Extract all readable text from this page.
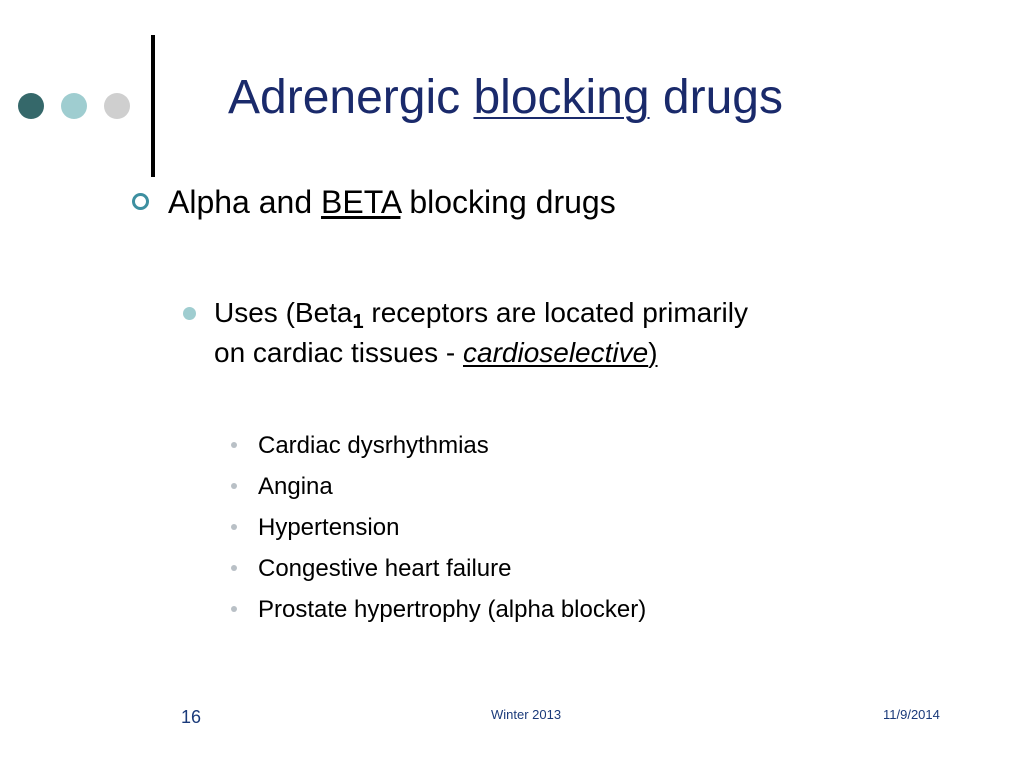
Adrenergic blocking drugs
Alpha and BETA blocking drugs
Uses (Beta$_1$ receptors are located primarily
on cardiac tissues - cardioselective)
Cardiac dysrhythmias
Angina
Hypertension
Congestive heart failure
Prostate hypertrophy (alpha blocker)
16	Winter 2013	11/9/2014
